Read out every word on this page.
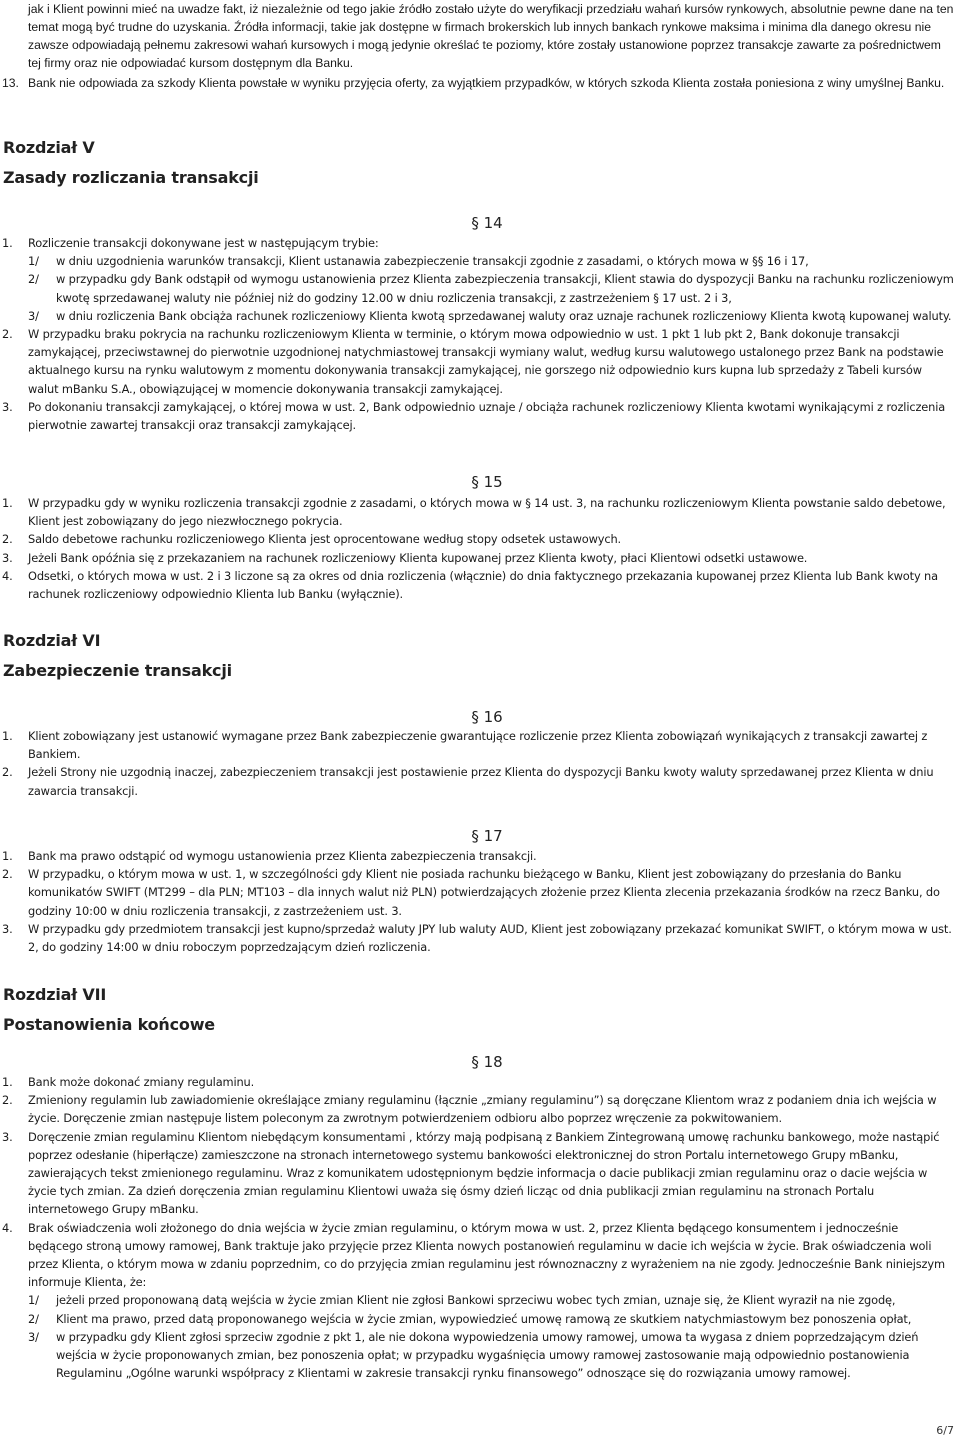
jak i Klient powinni mieć na uwadze fakt, iż niezależnie od tego jakie źródło zostało użyte do weryfikacji przedziału wahań kursów rynkowych, absolutnie pewne dane na ten temat mogą być trudne do uzyskania. Źródła informacji, takie jak dostępne w firmach brokerskich lub innych bankach rynkowe maksima i minima dla danego okresu nie zawsze odpowiadają pełnemu zakresowi wahań kursowych i mogą jedynie określać te poziomy, które zostały ustanowione poprzez transakcje zawarte za pośrednictwem tej firmy oraz nie odpowiadać kursom dostępnym dla Banku.
13. Bank nie odpowiada za szkody Klienta powstałe w wyniku przyjęcia oferty, za wyjątkiem przypadków, w których szkoda Klienta została poniesiona z winy umyślnej Banku.
Rozdział V
Zasady rozliczania transakcji
§ 14
1. Rozliczenie transakcji dokonywane jest w następującym trybie:
1/ w dniu uzgodnienia warunków transakcji, Klient ustanawia zabezpieczenie transakcji zgodnie z zasadami, o których mowa w §§ 16 i 17,
2/ w przypadku gdy Bank odstąpił od wymogu ustanowienia przez Klienta zabezpieczenia transakcji, Klient stawia do dyspozycji Banku na rachunku rozliczeniowym kwotę sprzedawanej waluty nie później niż do godziny 12.00 w dniu rozliczenia transakcji, z zastrzeżeniem § 17 ust. 2 i 3,
3/ w dniu rozliczenia Bank obciąża rachunek rozliczeniowy Klienta kwotą sprzedawanej waluty oraz uznaje rachunek rozliczeniowy Klienta kwotą kupowanej waluty.
2. W przypadku braku pokrycia na rachunku rozliczeniowym Klienta w terminie, o którym mowa odpowiednio w ust. 1 pkt 1 lub pkt 2, Bank dokonuje transakcji zamykającej, przeciwstawnej do pierwotnie uzgodnionej natychmiastowej transakcji wymiany walut, według kursu walutowego ustalonego przez Bank na podstawie aktualnego kursu na rynku walutowym z momentu dokonywania transakcji zamykającej, nie gorszego niż odpowiednio kurs kupna lub sprzedaży z Tabeli kursów walut mBanku S.A., obowiązującej w momencie dokonywania transakcji zamykającej.
3. Po dokonaniu transakcji zamykającej, o której mowa w ust. 2, Bank odpowiednio uznaje / obciąża rachunek rozliczeniowy Klienta kwotami wynikającymi z rozliczenia pierwotnie zawartej transakcji oraz transakcji zamykającej.
§ 15
1. W przypadku gdy w wyniku rozliczenia transakcji zgodnie z zasadami, o których mowa w § 14 ust. 3, na rachunku rozliczeniowym Klienta powstanie saldo debetowe, Klient jest zobowiązany do jego niezwłocznego pokrycia.
2. Saldo debetowe rachunku rozliczeniowego Klienta jest oprocentowane według stopy odsetek ustawowych.
3. Jeżeli Bank opóźnia się z przekazaniem na rachunek rozliczeniowy Klienta kupowanej przez Klienta kwoty, płaci Klientowi odsetki ustawowe.
4. Odsetki, o których mowa w ust. 2 i 3 liczone są za okres od dnia rozliczenia (włącznie) do dnia faktycznego przekazania kupowanej przez Klienta lub Bank kwoty na rachunek rozliczeniowy odpowiednio Klienta lub Banku (wyłącznie).
Rozdział VI
Zabezpieczenie transakcji
§ 16
1. Klient zobowiązany jest ustanowić wymagane przez Bank zabezpieczenie gwarantujące rozliczenie przez Klienta zobowiązań wynikających z transakcji zawartej z Bankiem.
2. Jeżeli Strony nie uzgodnią inaczej, zabezpieczeniem transakcji jest postawienie przez Klienta do dyspozycji Banku kwoty waluty sprzedawanej przez Klienta w dniu zawarcia transakcji.
§ 17
1. Bank ma prawo odstąpić od wymogu ustanowienia przez Klienta zabezpieczenia transakcji.
2. W przypadku, o którym mowa w ust. 1, w szczególności gdy Klient nie posiada rachunku bieżącego w Banku, Klient jest zobowiązany do przesłania do Banku komunikatów SWIFT (MT299 – dla PLN; MT103 – dla innych walut niż PLN) potwierdzających złożenie przez Klienta zlecenia przekazania środków na rzecz Banku, do godziny 10:00 w dniu rozliczenia transakcji, z zastrzeżeniem ust. 3.
3. W przypadku gdy przedmiotem transakcji jest kupno/sprzedaż waluty JPY lub waluty AUD, Klient jest zobowiązany przekazać komunikat SWIFT, o którym mowa w ust. 2, do godziny 14:00 w dniu roboczym poprzedzającym dzień rozliczenia.
Rozdział VII
Postanowienia końcowe
§ 18
1. Bank może dokonać zmiany regulaminu.
2. Zmieniony regulamin lub zawiadomienie określające zmiany regulaminu (łącznie „zmiany regulaminu”) są doręczane Klientom wraz z podaniem dnia ich wejścia w życie. Doręczenie zmian następuje listem poleconym za zwrotnym potwierdzeniem odbioru albo poprzez wręczenie za pokwitowaniem.
3. Doręczenie zmian regulaminu Klientom niebędącym konsumentami , którzy mają podpisaną z Bankiem Zintegrowaną umowę rachunku bankowego, może nastąpić poprzez odesłanie (hiperłącze) zamieszczone na stronach internetowego systemu bankowości elektronicznej do stron Portalu internetowego Grupy mBanku, zawierających tekst zmienionego regulaminu. Wraz z komunikatem udostępnionym będzie informacja o dacie publikacji zmian regulaminu oraz o dacie wejścia w życie tych zmian. Za dzień doręczenia zmian regulaminu Klientowi uważa się ósmy dzień licząc od dnia publikacji zmian regulaminu na stronach Portalu internetowego Grupy mBanku.
4. Brak oświadczenia woli złożonego do dnia wejścia w życie zmian regulaminu, o którym mowa w ust. 2, przez Klienta będącego konsumentem i jednocześnie będącego stroną umowy ramowej, Bank traktuje jako przyjęcie przez Klienta nowych postanowień regulaminu w dacie ich wejścia w życie. Brak oświadczenia woli przez Klienta, o którym mowa w zdaniu poprzednim, co do przyjęcia zmian regulaminu jest równoznaczny z wyrażeniem na nie zgody. Jednocześnie Bank niniejszym informuje Klienta, że:
1/ jeżeli przed proponowaną datą wejścia w życie zmian Klient nie zgłosi Bankowi sprzeciwu wobec tych zmian, uznaje się, że Klient wyraził na nie zgodę,
2/ Klient ma prawo, przed datą proponowanego wejścia w życie zmian, wypowiedzieć umowę ramową ze skutkiem natychmiastowym bez ponoszenia opłat,
3/ w przypadku gdy Klient zgłosi sprzeciw zgodnie z pkt 1, ale nie dokona wypowiedzenia umowy ramowej, umowa ta wygasa z dniem poprzedzającym dzień wejścia w życie proponowanych zmian, bez ponoszenia opłat; w przypadku wygaśnięcia umowy ramowej zastosowanie mają odpowiednio postanowienia Regulaminu „Ogólne warunki współpracy z Klientami w zakresie transakcji rynku finansowego” odnoszące się do rozwiązania umowy ramowej.
6/7
